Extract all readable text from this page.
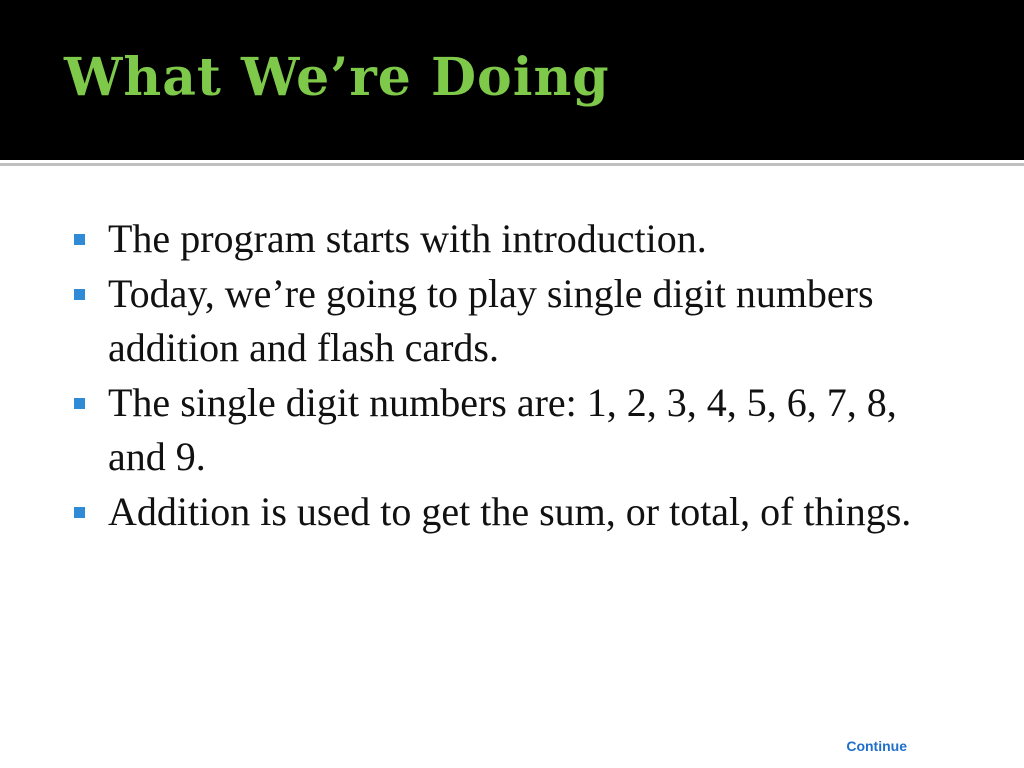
What We’re Doing
The program starts with introduction.
Today, we’re going to play single digit numbers addition and flash cards.
The single digit numbers are: 1, 2, 3, 4, 5, 6, 7, 8, and 9.
Addition is used to get the sum, or total, of things.
Continue
